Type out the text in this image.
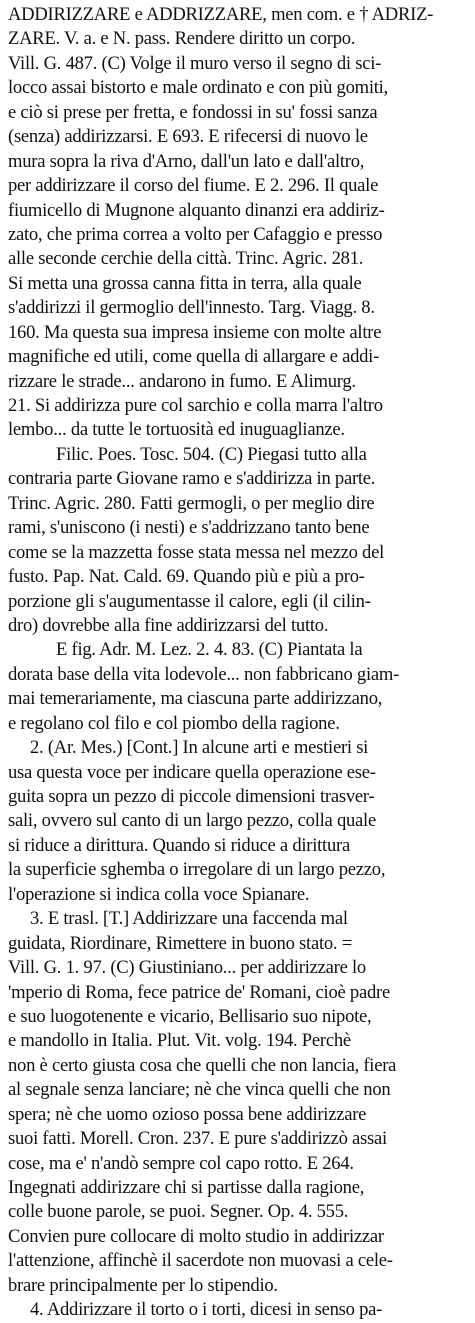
ADDIRIZZARE e ADDRIZZARE, men com. e † ADRIZ-
ZARE. V. a. e N. pass. Rendere diritto un corpo.
Vill. G. 487. (C) Volge il muro verso il segno di sci-
locco assai bistorto e male ordinato e con più gomiti,
e ciò si prese per fretta, e fondossi in su' fossi sanza
(senza) addirizzarsi. E 693. E rifecersi di nuovo le
mura sopra la riva d'Arno, dall'un lato e dall'altro,
per addirizzare il corso del fiume. E 2. 296. Il quale
fiumicello di Mugnone alquanto dinanzi era addiriz-
zato, che prima correa a volto per Cafaggio e presso
alle seconde cerchie della città. Trinc. Agric. 281.
Si metta una grossa canna fitta in terra, alla quale
s'addirizzi il germoglio dell'innesto. Targ. Viagg. 8.
160. Ma questa sua impresa insieme con molte altre
magnifiche ed utili, come quella di allargare e addi-
rizzare le strade... andarono in fumo. E Alimurg.
21. Si addirizza pure col sarchio e colla marra l'altro
lembo... da tutte le tortuosità ed inuguaglianze.
Filic. Poes. Tosc. 504. (C) Piegasi tutto alla
contraria parte Giovane ramo e s'addirizza in parte.
Trinc. Agric. 280. Fatti germogli, o per meglio dire
rami, s'uniscono (i nesti) e s'addrizzano tanto bene
come se la mazzetta fosse stata messa nel mezzo del
fusto. Pap. Nat. Cald. 69. Quando più e più a pro-
porzione gli s'augumentasse il calore, egli (il cilin-
dro) dovrebbe alla fine addirizzarsi del tutto.
E fig. Adr. M. Lez. 2. 4. 83. (C) Piantata la
dorata base della vita lodevole... non fabbricano giam-
mai temerariamente, ma ciascuna parte addirizzano,
e regolano col filo e col piombo della ragione.
2. (Ar. Mes.) [Cont.] In alcune arti e mestieri si
usa questa voce per indicare quella operazione ese-
guita sopra un pezzo di piccole dimensioni trasver-
sali, ovvero sul canto di un largo pezzo, colla quale
si riduce a dirittura. Quando si riduce a dirittura
la superficie sghemba o irregolare di un largo pezzo,
l'operazione si indica colla voce Spianare.
3. E trasl. [T.] Addirizzare una faccenda mal
guidata, Riordinare, Rimettere in buono stato. =
Vill. G. 1. 97. (C) Giustiniano... per addirizzare lo
'mperio di Roma, fece patrice de' Romani, cioè padre
e suo luogotenente e vicario, Bellisario suo nipote,
e mandollo in Italia. Plut. Vit. volg. 194. Perchè
non è certo giusta cosa che quelli che non lancia, fiera
al segnale senza lanciare; nè che vinca quelli che non
spera; nè che uomo ozioso possa bene addirizzare
suoi fatti. Morell. Cron. 237. E pure s'addirizzò assai
cose, ma e' n'andò sempre col capo rotto. E 264.
Ingegnati addirizzare chi si partisse dalla ragione,
colle buone parole, se puoi. Segner. Op. 4. 555.
Convien pure collocare di molto studio in addirizzar
l'attenzione, affinchè il sacerdote non muovasi a cele-
brare principalmente per lo stipendio.
4. Addirizzare il torto o i torti, dicesi in senso pa-
